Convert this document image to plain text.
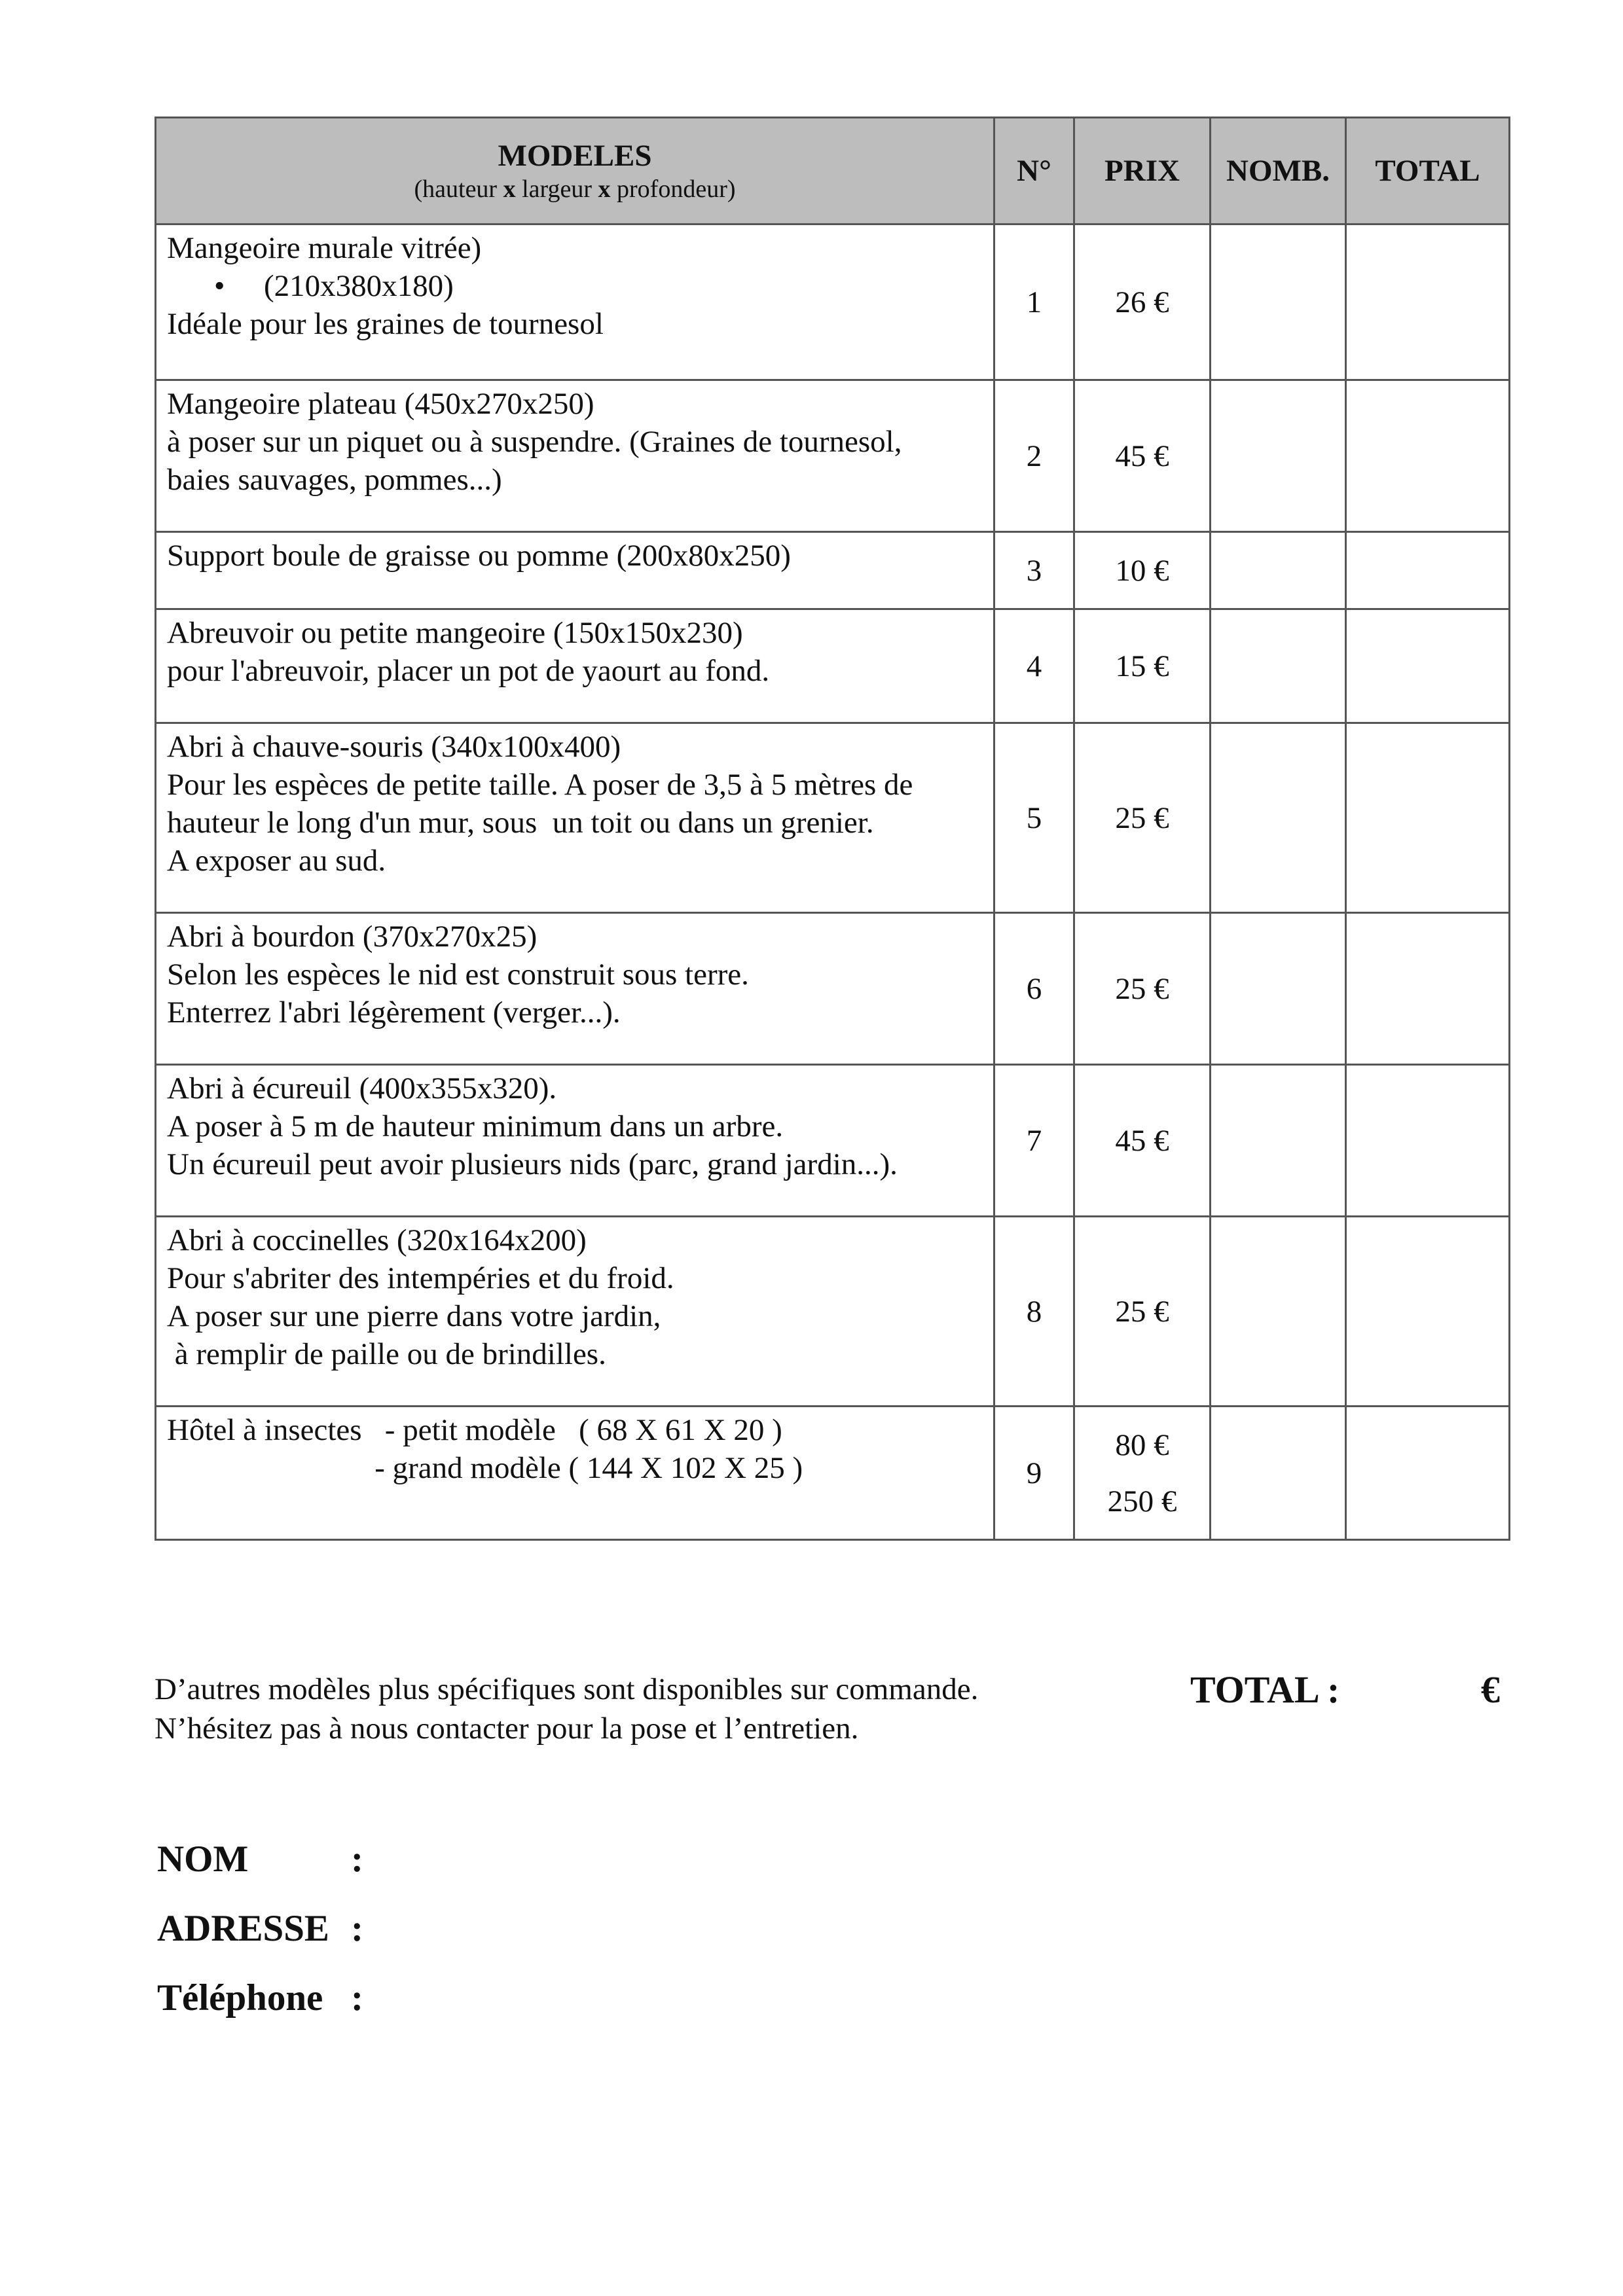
MODELES
(hauteur x largeur x profondeur)	N°	PRIX	NOMB.	TOTAL

Mangeoire murale vitrée)
• (210x380x180)
Idéale pour les graines de tournesol	1	26 €		

Mangeoire plateau (450x270x250)
à poser sur un piquet ou à suspendre. (Graines de tournesol,
baies sauvages, pommes...)	2	45 €		

Support boule de graisse ou pomme (200x80x250)	3	10 €		

Abreuvoir ou petite mangeoire (150x150x230)
pour l'abreuvoir, placer un pot de yaourt au fond.	4	15 €		

Abri à chauve-souris (340x100x400)
Pour les espèces de petite taille. A poser de 3,5 à 5 mètres de
hauteur le long d'un mur, sous  un toit ou dans un grenier.
A exposer au sud.	5	25 €		

Abri à bourdon (370x270x25)
Selon les espèces le nid est construit sous terre.
Enterrez l'abri légèrement (verger...).	6	25 €		

Abri à écureuil (400x355x320).
A poser à 5 m de hauteur minimum dans un arbre.
Un écureuil peut avoir plusieurs nids (parc, grand jardin...).	7	45 €		

Abri à coccinelles (320x164x200)
Pour s'abriter des intempéries et du froid.
A poser sur une pierre dans votre jardin,
à remplir de paille ou de brindilles.	8	25 €		

Hôtel à insectes   - petit modèle   ( 68 X 61 X 20 )
- grand modèle ( 144 X 102 X 25 )	9	80 €
250 €		

D’autres modèles plus spécifiques sont disponibles sur commande.
N’hésitez pas à nous contacter pour la pose et l’entretien.
TOTAL :	€
NOM	:
ADRESSE :
Téléphone :
